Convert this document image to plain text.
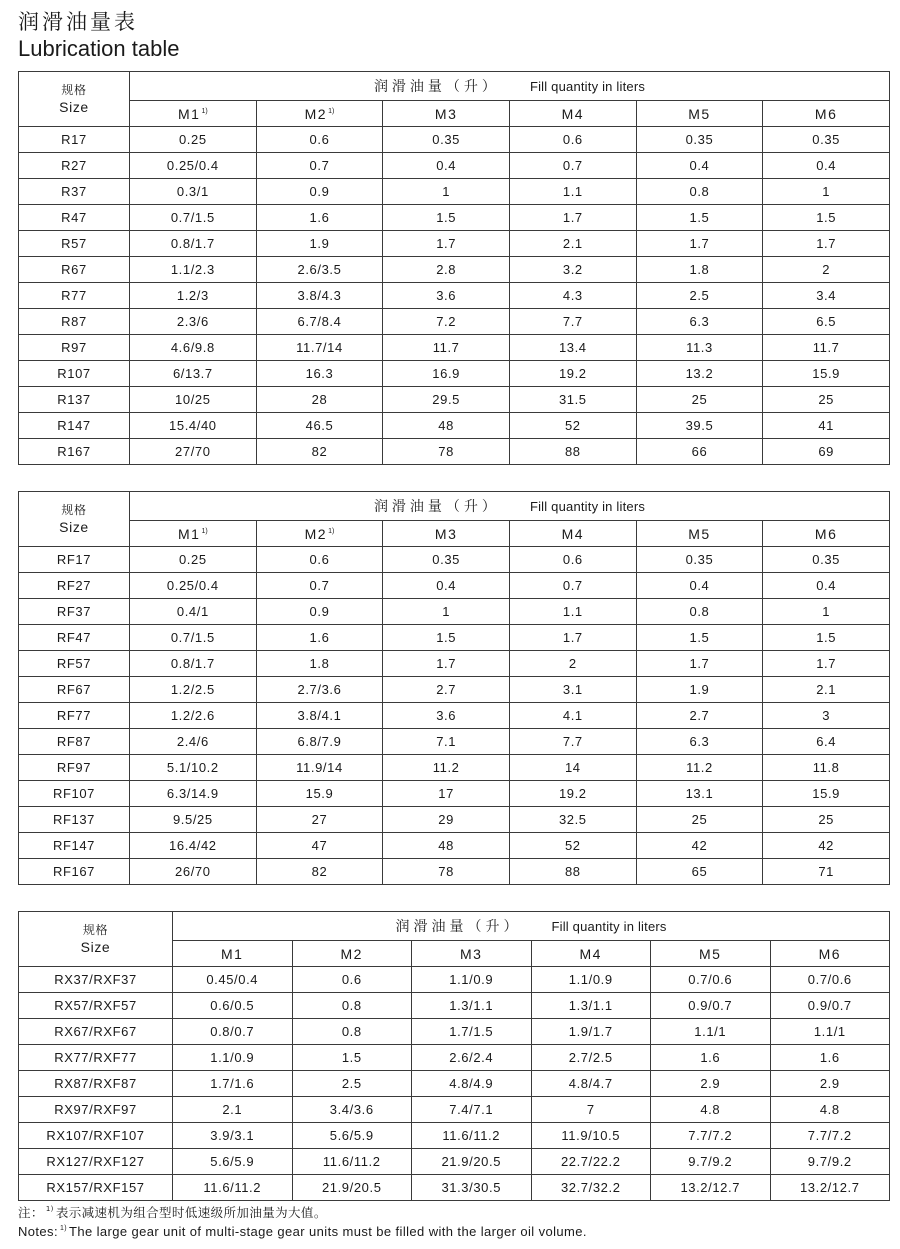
润滑油量表
Lubrication table
规格
Size	润滑油量（升） Fill quantity in liters					
	M1$^{1)}$	M2$^{1)}$	M3	M4	M5	M6
R17	0.25	0.6	0.35	0.6	0.35	0.35
R27	0.25/0.4	0.7	0.4	0.7	0.4	0.4
R37	0.3/1	0.9	1	1.1	0.8	1
R47	0.7/1.5	1.6	1.5	1.7	1.5	1.5
R57	0.8/1.7	1.9	1.7	2.1	1.7	1.7
R67	1.1/2.3	2.6/3.5	2.8	3.2	1.8	2
R77	1.2/3	3.8/4.3	3.6	4.3	2.5	3.4
R87	2.3/6	6.7/8.4	7.2	7.7	6.3	6.5
R97	4.6/9.8	11.7/14	11.7	13.4	11.3	11.7
R107	6/13.7	16.3	16.9	19.2	13.2	15.9
R137	10/25	28	29.5	31.5	25	25
R147	15.4/40	46.5	48	52	39.5	41
R167	27/70	82	78	88	66	69
规格
Size	润滑油量（升） Fill quantity in liters					
	M1$^{1)}$	M2$^{1)}$	M3	M4	M5	M6
RF17	0.25	0.6	0.35	0.6	0.35	0.35
RF27	0.25/0.4	0.7	0.4	0.7	0.4	0.4
RF37	0.4/1	0.9	1	1.1	0.8	1
RF47	0.7/1.5	1.6	1.5	1.7	1.5	1.5
RF57	0.8/1.7	1.8	1.7	2	1.7	1.7
RF67	1.2/2.5	2.7/3.6	2.7	3.1	1.9	2.1
RF77	1.2/2.6	3.8/4.1	3.6	4.1	2.7	3
RF87	2.4/6	6.8/7.9	7.1	7.7	6.3	6.4
RF97	5.1/10.2	11.9/14	11.2	14	11.2	11.8
RF107	6.3/14.9	15.9	17	19.2	13.1	15.9
RF137	9.5/25	27	29	32.5	25	25
RF147	16.4/42	47	48	52	42	42
RF167	26/70	82	78	88	65	71
规格
Size	润滑油量（升） Fill quantity in liters					
	M1	M2	M3	M4	M5	M6
RX37/RXF37	0.45/0.4	0.6	1.1/0.9	1.1/0.9	0.7/0.6	0.7/0.6
RX57/RXF57	0.6/0.5	0.8	1.3/1.1	1.3/1.1	0.9/0.7	0.9/0.7
RX67/RXF67	0.8/0.7	0.8	1.7/1.5	1.9/1.7	1.1/1	1.1/1
RX77/RXF77	1.1/0.9	1.5	2.6/2.4	2.7/2.5	1.6	1.6
RX87/RXF87	1.7/1.6	2.5	4.8/4.9	4.8/4.7	2.9	2.9
RX97/RXF97	2.1	3.4/3.6	7.4/7.1	7	4.8	4.8
RX107/RXF107	3.9/3.1	5.6/5.9	11.6/11.2	11.9/10.5	7.7/7.2	7.7/7.2
RX127/RXF127	5.6/5.9	11.6/11.2	21.9/20.5	22.7/22.2	9.7/9.2	9.7/9.2
RX157/RXF157	11.6/11.2	21.9/20.5	31.3/30.5	32.7/32.2	13.2/12.7	13.2/12.7
注： $^{1)}$ 表示减速机为组合型时低速级所加油量为大值。
Notes: $^{1)}$ The large gear unit of multi-stage gear units must be filled with the larger oil volume.
